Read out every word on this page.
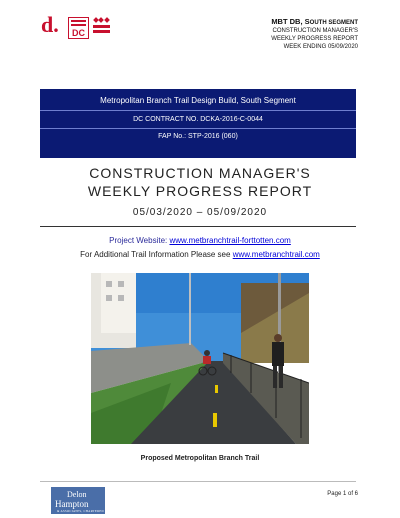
d.	DC
MBT DB, SOUTH SEGMENT
CONSTRUCTION MANAGER'S
WEEKLY PROGRESS REPORT
WEEK ENDING 05/09/2020
Metropolitan Branch Trail Design Build, South Segment
DC CONTRACT NO. DCKA-2016-C-0044
FAP No.: STP-2016 (060)
CONSTRUCTION MANAGER'S
WEEKLY PROGRESS REPORT
05/03/2020 – 05/09/2020
Project Website: www.metbranchtrail-forttotten.com
For Additional Trail Information Please see www.metbranchtrail.com
Proposed Metropolitan Branch Trail
Delon
Hampton
& ASSOCIATES, CHARTERED
Page 1 of 6
